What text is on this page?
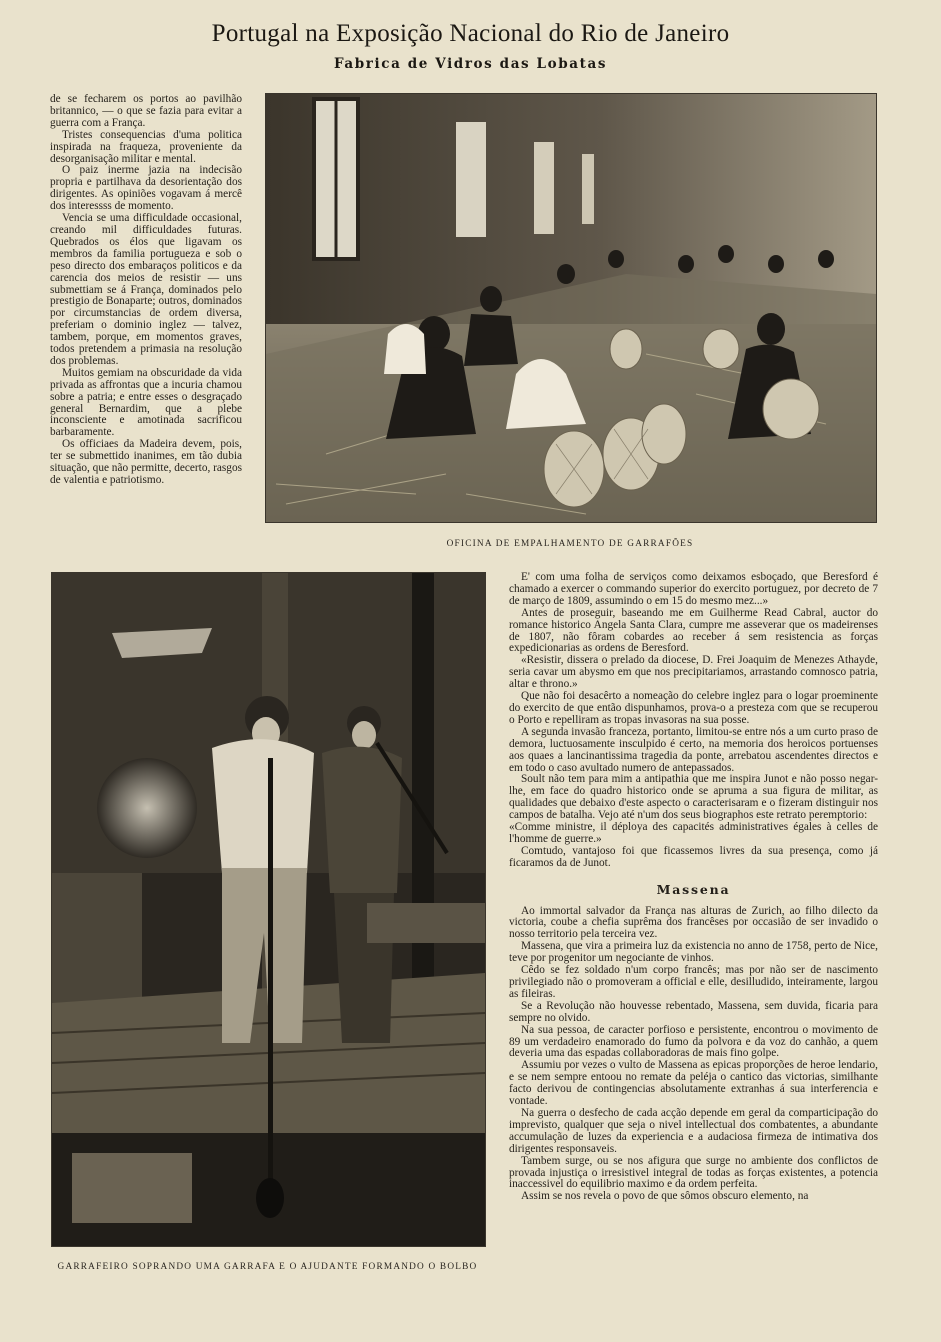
Portugal na Exposição Nacional do Rio de Janeiro
Fabrica de Vidros das Lobatas

de se fecharem os portos ao pavilhão britannico, — o que se fazia para evitar a guerra com a França.

Tristes consequencias d'uma politica inspirada na fraqueza, proveniente da desorganisação militar e mental.

O paiz inerme jazia na indecisão propria e partilhava da desorientação dos dirigentes. As opiniões vogavam á mercê dos interessss de momento.

Vencia se uma difficuldade occasional, creando mil difficuldades futuras. Quebrados os élos que ligavam os membros da familia portugueza e sob o peso directo dos embaraços politicos e da carencia dos meios de resistir — uns submettiam se á França, dominados pelo prestigio de Bonaparte; outros, dominados por circumstancias de ordem diversa, preferiam o dominio inglez — talvez, tambem, porque, em momentos graves, todos pretendem a primasia na resolução dos problemas.

Muitos gemiam na obscuridade da vida privada as affrontas que a incuria chamou sobre a patria; e entre esses o desgraçado general Bernardim, que a plebe inconsciente e amotinada sacrificou barbaramente.

Os officiaes da Madeira devem, pois, ter se submettido inanimes, em tão dubia situação, que não permitte, decerto, rasgos de valentia e patriotismo.

OFICINA DE EMPALHAMENTO DE GARRAFÕES
GARRAFEIRO SOPRANDO UMA GARRAFA E O AJUDANTE FORMANDO O BOLBO

E' com uma folha de serviços como deixamos esboçado, que Beresford é chamado a exercer o commando superior do exercito portuguez, por decreto de 7 de março de 1809, assumindo o em 15 do mesmo mez...»

Antes de proseguir, baseando me em Guilherme Read Cabral, auctor do romance historico Angela Santa Clara, cumpre me asseverar que os madeirenses de 1807, não fôram cobardes ao receber á sem resistencia as forças expedicionarias as ordens de Beresford.

«Resistir, dissera o prelado da diocese, D. Frei Joaquim de Menezes Athayde, seria cavar um abysmo em que nos precipitariamos, arrastando comnosco patria, altar e throno.»

Que não foi desacêrto a nomeação do celebre inglez para o logar proeminente do exercito de que então dispunhamos, prova-o a presteza com que se recuperou o Porto e repelliram as tropas invasoras na sua posse.

A segunda invasão franceza, portanto, limitou-se entre nós a um curto praso de demora, luctuosamente insculpido é certo, na memoria dos heroicos portuenses aos quaes a lancinantissima tragedia da ponte, arrebatou ascendentes directos e em todo o caso avultado numero de antepassados.

Soult não tem para mim a antipathia que me inspira Junot e não posso negar-lhe, em face do quadro historico onde se apruma a sua figura de militar, as qualidades que debaixo d'este aspecto o caracterisaram e o fizeram distinguir nos campos de batalha. Vejo até n'um dos seus biographos este retrato peremptorio:

«Comme ministre, il déploya des capacités administratives égales à celles de l'homme de guerre.»

Comtudo, vantajoso foi que ficassemos livres da sua presença, como já ficaramos da de Junot.

Massena

Ao immortal salvador da França nas alturas de Zurich, ao filho dilecto da victoria, coube a chefia suprêma dos francêses por occasião de ser invadido o nosso territorio pela terceira vez.

Massena, que vira a primeira luz da existencia no anno de 1758, perto de Nice, teve por progenitor um negociante de vinhos.

Cêdo se fez soldado n'um corpo francês; mas por não ser de nascimento privilegiado não o promoveram a official e elle, desilludido, inteiramente, largou as fileiras.

Se a Revolução não houvesse rebentado, Massena, sem duvida, ficaria para sempre no olvido.

Na sua pessoa, de caracter porfioso e persistente, encontrou o movimento de 89 um verdadeiro enamorado do fumo da polvora e da voz do canhão, a quem deveria uma das espadas collaboradoras de mais fino golpe.

Assumiu por vezes o vulto de Massena as epicas proporções de heroe lendario, e se nem sempre entoou no remate da peléja o cantico das victorias, similhante facto derivou de contingencias absolutamente extranhas á sua interferencia e vontade.

Na guerra o desfecho de cada acção depende em geral da comparticipação do imprevisto, qualquer que seja o nivel intellectual dos combatentes, a abundante accumulação de luzes da experiencia e a audaciosa firmeza de intimativa dos dirigentes responsaveis.

Tambem surge, ou se nos afigura que surge no ambiente dos conflictos de provada injustiça o irresistivel integral de todas as forças existentes, a potencia inaccessivel do equilibrio maximo e da ordem perfeita.

Assim se nos revela o povo de que sômos obscuro elemento, na
